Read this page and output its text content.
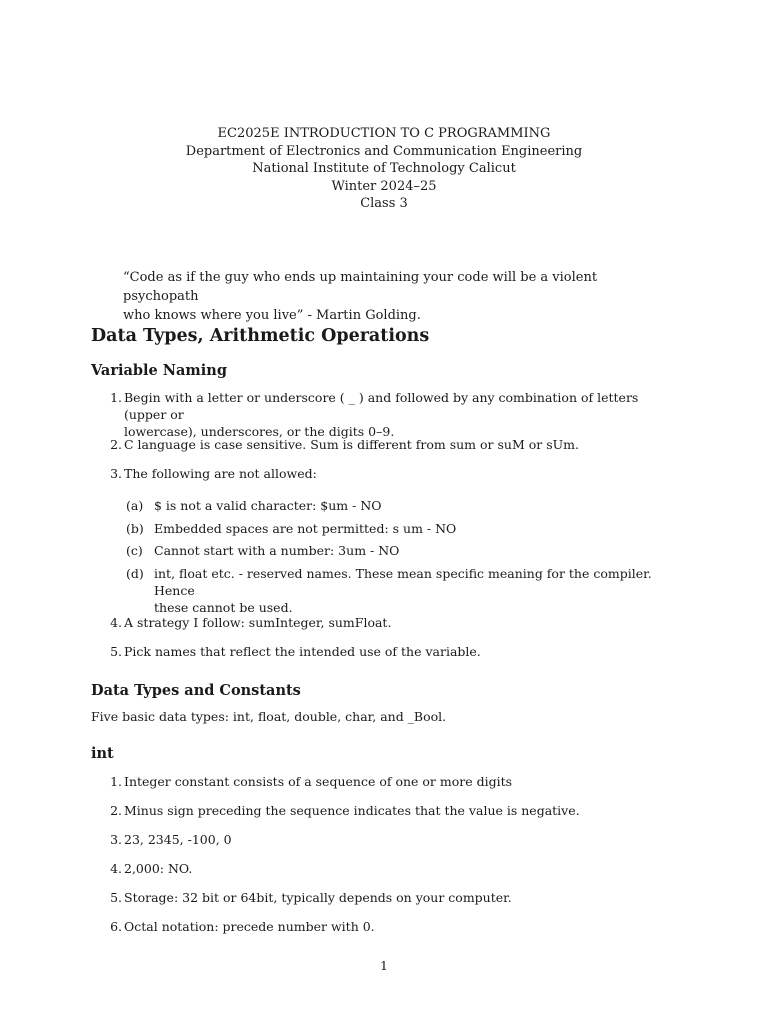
EC2025E INTRODUCTION TO C PROGRAMMING
Department of Electronics and Communication Engineering
National Institute of Technology Calicut
Winter 2024–25
Class 3
“Code as if the guy who ends up maintaining your code will be a violent psychopath
who knows where you live” - Martin Golding.
Data Types, Arithmetic Operations
Variable Naming
1. Begin with a letter or underscore ( _ ) and followed by any combination of letters (upper or
lowercase), underscores, or the digits 0–9.
2. C language is case sensitive. Sum is different from sum or suM or sUm.
3. The following are not allowed:
(a) $ is not a valid character: $um - NO
(b) Embedded spaces are not permitted: s um - NO
(c) Cannot start with a number: 3um - NO
(d) int, float etc. - reserved names. These mean specific meaning for the compiler. Hence
these cannot be used.
4. A strategy I follow: sumInteger, sumFloat.
5. Pick names that reflect the intended use of the variable.
Data Types and Constants
Five basic data types: int, float, double, char, and _Bool.
int
1. Integer constant consists of a sequence of one or more digits
2. Minus sign preceding the sequence indicates that the value is negative.
3. 23, 2345, -100, 0
4. 2,000: NO.
5. Storage: 32 bit or 64bit, typically depends on your computer.
6. Octal notation: precede number with 0.
1
